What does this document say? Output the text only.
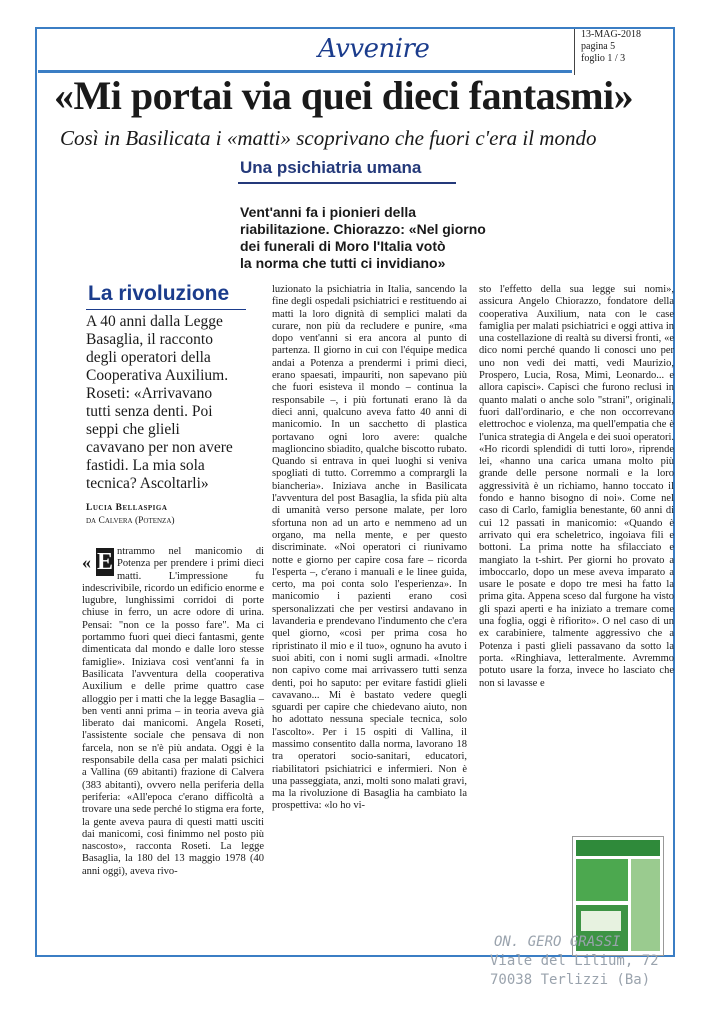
Avvenire	13-MAG-2018
pagina 5
foglio 1 / 3
«Mi portai via quei dieci fantasmi»
Così in Basilicata i «matti» scoprivano che fuori c'era il mondo
Una psichiatria umana
Vent'anni fa i pionieri della
riabilitazione. Chiorazzo: «Nel giorno
dei funerali di Moro l'Italia votò
la norma che tutti ci invidiano»
La rivoluzione
A 40 anni dalla Legge
Basaglia, il racconto
degli operatori della
Cooperativa Auxilium.
Roseti: «Arrivavano
tutti senza denti. Poi
seppi che glieli
cavavano per non avere
fastidi. La mia sola
tecnica? Ascoltarli»
Lucia Bellaspiga
da Calvera (Potenza)
« E ntrammo nel manicomio di Potenza per prendere i primi dieci matti. L'impressione fu indescrivibile, ricordo un edificio enorme e lugubre, lunghissimi corridoi di porte chiuse in ferro, un acre odore di urina. Pensai: "non ce la posso fare". Ma ci portammo fuori quei dieci fantasmi, gente dimenticata dal mondo e dalle loro stesse famiglie». Iniziava così vent'anni fa in Basilicata l'avventura della cooperativa Auxilium e delle prime quattro case alloggio per i matti che la legge Basaglia – ben venti anni prima – in teoria aveva già liberato dai manicomi. Angela Roseti, l'assistente sociale che pensava di non farcela, non se n'è più andata. Oggi è la responsabile della casa per malati psichici a Vallina (69 abitanti) frazione di Calvera (383 abitanti), ovvero nella periferia della periferia: «All'epoca c'erano difficoltà a trovare una sede perché lo stigma era forte, la gente aveva paura di questi matti usciti dai manicomi, così finimmo nel posto più nascosto», racconta Roseti. La legge Basaglia, la 180 del 13 maggio 1978 (40 anni oggi), aveva rivo-

luzionato la psichiatria in Italia, sancendo la fine degli ospedali psichiatrici e restituendo ai matti la loro dignità di semplici malati da curare, non più da recludere e punire, «ma dopo vent'anni si era ancora al punto di partenza. Il giorno in cui con l'équipe medica andai a Potenza a prendermi i primi dieci, erano spaesati, impauriti, non sapevano più che fuori esisteva il mondo – continua la responsabile –, i più fortunati erano là da dieci anni, qualcuno aveva fatto 40 anni di manicomio. In un sacchetto di plastica portavano ogni loro avere: qualche maglioncino sbiadito, qualche biscotto rubato. Quando si entrava in quei luoghi si veniva spogliati di tutto. Corremmo a comprargli la biancheria». Iniziava anche in Basilicata l'avventura del post Basaglia, la sfida più alta di umanità verso persone malate, per loro sfortuna non ad un arto e nemmeno ad un organo, ma nella mente, e per questo discriminate. «Noi operatori ci riunivamo notte e giorno per capire cosa fare – ricorda l'esperta –, c'erano i manuali e le linee guida, certo, ma poi conta solo l'esperienza». In manicomio i pazienti erano così spersonalizzati che per vestirsi andavano in lavanderia e prendevano l'indumento che c'era quel giorno, «così per prima cosa ho ripristinato il mio e il tuo», ognuno ha avuto i suoi abiti, con i nomi sugli armadi. «Inoltre non capivo come mai arrivassero tutti senza denti, poi ho saputo: per evitare fastidi glieli cavavano... Mi è bastato vedere quegli sguardi per capire che chiedevano aiuto, non ho adottato nessuna speciale tecnica, solo l'ascolto». Per i 15 ospiti di Vallina, il massimo consentito dalla norma, lavorano 18 tra operatori socio-sanitari, educatori, riabilitatori psichiatrici e infermieri. Non è una passeggiata, anzi, molti sono malati gravi, ma la rivoluzione di Basaglia ha cambiato la prospettiva: «lo ho vi-

sto l'effetto della sua legge sui nomi», assicura Angelo Chiorazzo, fondatore della cooperativa Auxilium, nata con le case famiglia per malati psichiatrici e oggi attiva in una costellazione di realtà su diversi fronti, «e dico nomi perché quando li conosci uno per uno non vedi dei matti, vedi Maurizio, Prospero, Lucia, Rosa, Mimì, Leonardo... e allora capisci». Capisci che furono reclusi in quanto malati o anche solo "strani", originali, fuori dall'ordinario, e che non occorrevano elettrochoc e violenza, ma quell'empatia che è l'unica strategia di Angela e dei suoi operatori. «Ho ricordi splendidi di tutti loro», riprende lei, «hanno una carica umana molto più grande delle persone normali e la loro aggressività è un richiamo, hanno toccato il fondo e hanno bisogno di noi». Come nel caso di Carlo, famiglia benestante, 60 anni di cui 12 passati in manicomio: «Quando è arrivato qui era scheletrico, ingoiava fili e bottoni. La prima notte ha sfilacciato e mangiato la t-shirt. Per giorni ho provato a imboccarlo, dopo un mese aveva imparato a usare le posate e dopo tre mesi ha fatto la prima gita. Appena sceso dal furgone ha visto gli spazi aperti e ha iniziato a tremare come una foglia, oggi è rifiorito». O nel caso di un ex carabiniere, talmente aggressivo che a Potenza i pasti glieli passavano da sotto la porta. «Ringhiava, letteralmente. Avremmo potuto usare la forza, invece ho lasciato che non si lavasse e

ON. GERO GRASSI
Viale del Lilium, 72
70038 Terlizzi (Ba)
